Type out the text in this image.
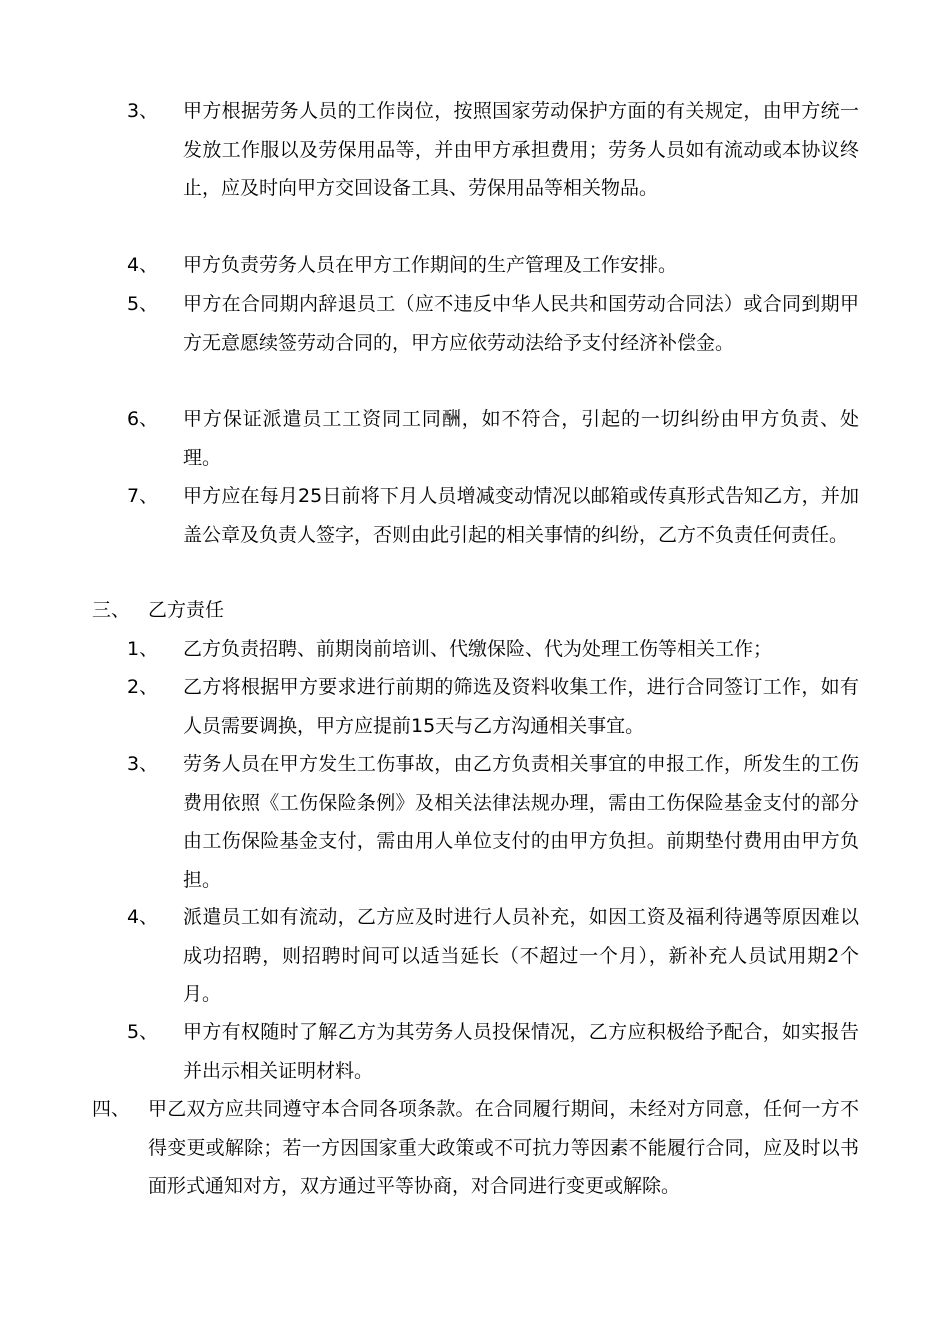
3、 甲方根据劳务人员的工作岗位，按照国家劳动保护方面的有关规定，由甲方统一发放工作服以及劳保用品等，并由甲方承担费用；劳务人员如有流动或本协议终止，应及时向甲方交回设备工具、劳保用品等相关物品。
4、 甲方负责劳务人员在甲方工作期间的生产管理及工作安排。
5、 甲方在合同期内辞退员工（应不违反中华人民共和国劳动合同法）或合同到期甲方无意愿续签劳动合同的，甲方应依劳动法给予支付经济补偿金。
6、 甲方保证派遣员工工资同工同酬，如不符合，引起的一切纠纷由甲方负责、处理。
7、 甲方应在每月25日前将下月人员增减变动情况以邮箱或传真形式告知乙方，并加盖公章及负责人签字，否则由此引起的相关事情的纠纷，乙方不负责任何责任。
三、 乙方责任
1、 乙方负责招聘、前期岗前培训、代缴保险、代为处理工伤等相关工作；
2、 乙方将根据甲方要求进行前期的筛选及资料收集工作，进行合同签订工作，如有人员需要调换，甲方应提前15天与乙方沟通相关事宜。
3、 劳务人员在甲方发生工伤事故，由乙方负责相关事宜的申报工作，所发生的工伤费用依照《工伤保险条例》及相关法律法规办理，需由工伤保险基金支付的部分由工伤保险基金支付，需由用人单位支付的由甲方负担。前期垫付费用由甲方负担。
4、 派遣员工如有流动，乙方应及时进行人员补充，如因工资及福利待遇等原因难以成功招聘，则招聘时间可以适当延长（不超过一个月），新补充人员试用期2个月。
5、 甲方有权随时了解乙方为其劳务人员投保情况，乙方应积极给予配合，如实报告并出示相关证明材料。
四、 甲乙双方应共同遵守本合同各项条款。在合同履行期间，未经对方同意，任何一方不得变更或解除；若一方因国家重大政策或不可抗力等因素不能履行合同，应及时以书面形式通知对方，双方通过平等协商，对合同进行变更或解除。
